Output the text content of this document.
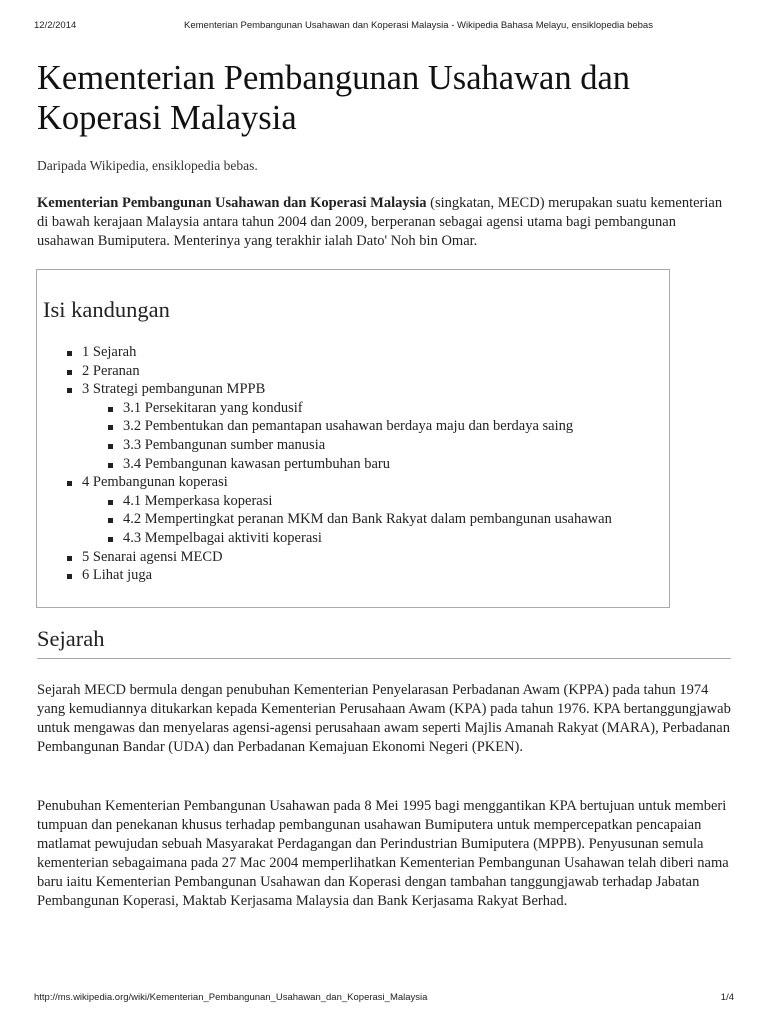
12/2/2014	Kementerian Pembangunan Usahawan dan Koperasi Malaysia - Wikipedia Bahasa Melayu, ensiklopedia bebas
Kementerian Pembangunan Usahawan dan
Koperasi Malaysia

Daripada Wikipedia, ensiklopedia bebas.

Kementerian Pembangunan Usahawan dan Koperasi Malaysia (singkatan, MECD) merupakan suatu kementerian di bawah kerajaan Malaysia antara tahun 2004 dan 2009, berperanan sebagai agensi utama bagi pembangunan usahawan Bumiputera. Menterinya yang terakhir ialah Dato' Noh bin Omar.

Isi kandungan
1 Sejarah
2 Peranan
3 Strategi pembangunan MPPB
3.1 Persekitaran yang kondusif
3.2 Pembentukan dan pemantapan usahawan berdaya maju dan berdaya saing
3.3 Pembangunan sumber manusia
3.4 Pembangunan kawasan pertumbuhan baru
4 Pembangunan koperasi
4.1 Memperkasa koperasi
4.2 Mempertingkat peranan MKM dan Bank Rakyat dalam pembangunan usahawan
4.3 Mempelbagai aktiviti koperasi
5 Senarai agensi MECD
6 Lihat juga
Sejarah

Sejarah MECD bermula dengan penubuhan Kementerian Penyelarasan Perbadanan Awam (KPPA) pada tahun 1974 yang kemudiannya ditukarkan kepada Kementerian Perusahaan Awam (KPA) pada tahun 1976. KPA bertanggungjawab untuk mengawas dan menyelaras agensi-agensi perusahaan awam seperti Majlis Amanah Rakyat (MARA), Perbadanan Pembangunan Bandar (UDA) dan Perbadanan Kemajuan Ekonomi Negeri (PKEN).

Penubuhan Kementerian Pembangunan Usahawan pada 8 Mei 1995 bagi menggantikan KPA bertujuan untuk memberi tumpuan dan penekanan khusus terhadap pembangunan usahawan Bumiputera untuk mempercepatkan pencapaian matlamat pewujudan sebuah Masyarakat Perdagangan dan Perindustrian Bumiputera (MPPB). Penyusunan semula kementerian sebagaimana pada 27 Mac 2004 memperlihatkan Kementerian Pembangunan Usahawan telah diberi nama baru iaitu Kementerian Pembangunan Usahawan dan Koperasi dengan tambahan tanggungjawab terhadap Jabatan Pembangunan Koperasi, Maktab Kerjasama Malaysia dan Bank Kerjasama Rakyat Berhad.

http://ms.wikipedia.org/wiki/Kementerian_Pembangunan_Usahawan_dan_Koperasi_Malaysia	1/4
